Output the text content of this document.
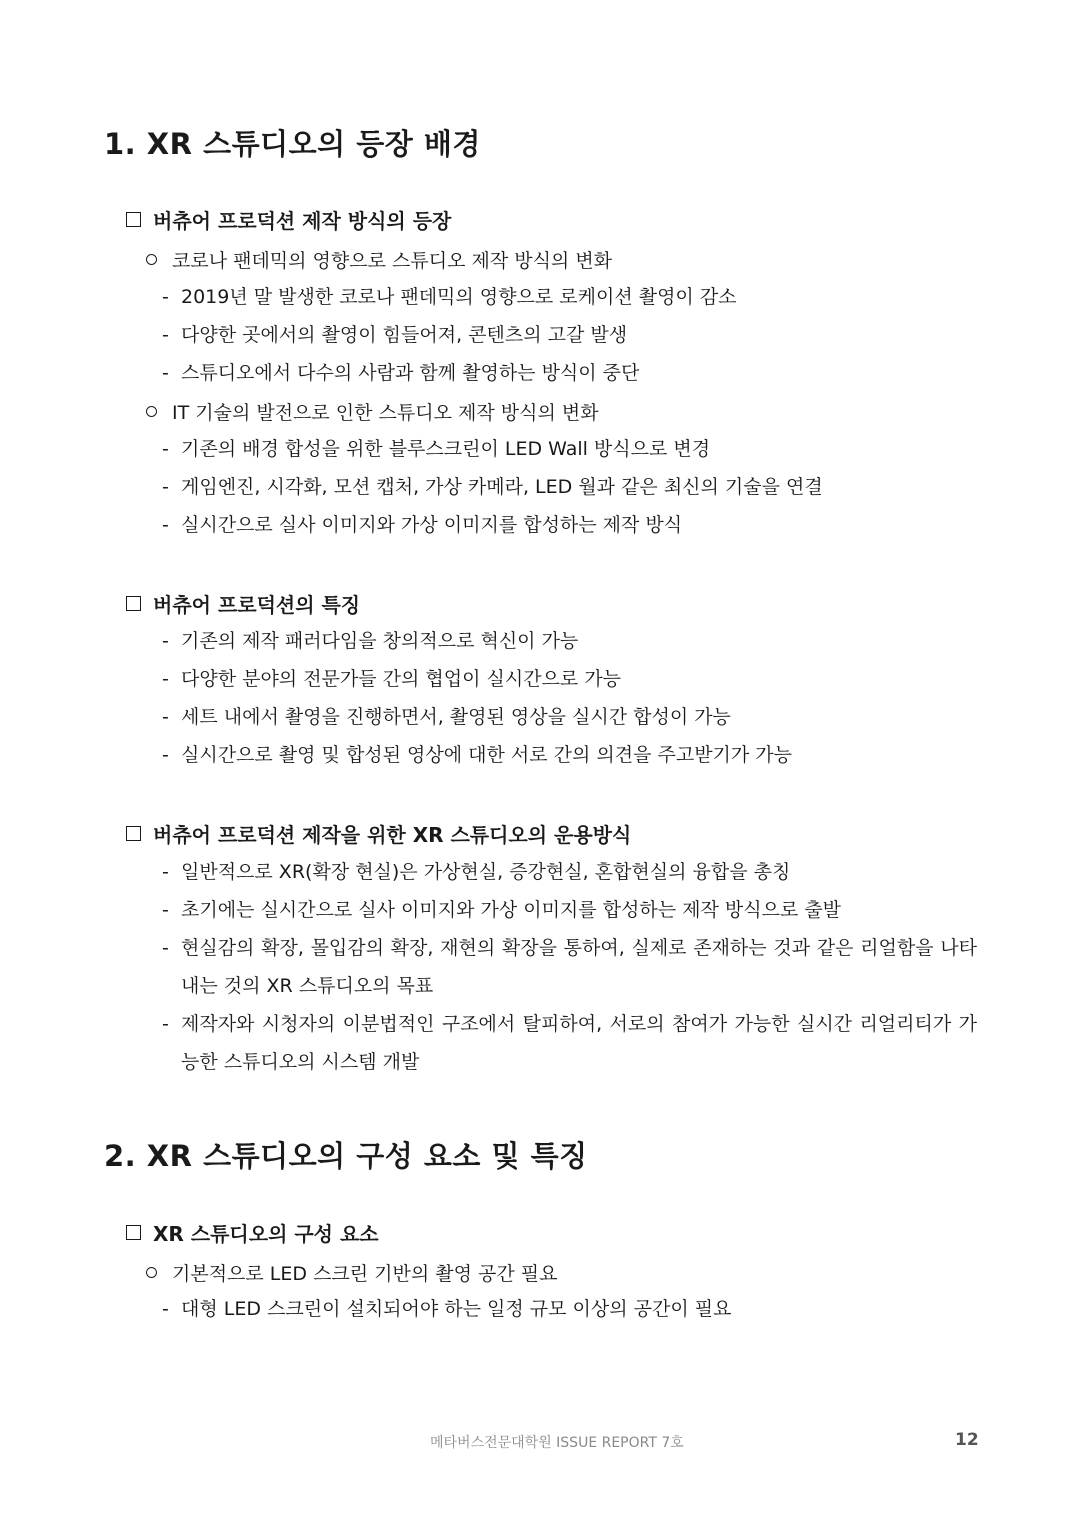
1. XR 스튜디오의 등장 배경
버츄어 프로덕션 제작 방식의 등장
코로나 팬데믹의 영향으로 스튜디오 제작 방식의 변화
- 2019년 말 발생한 코로나 팬데믹의 영향으로 로케이션 촬영이 감소
- 다양한 곳에서의 촬영이 힘들어져, 콘텐츠의 고갈 발생
- 스튜디오에서 다수의 사람과 함께 촬영하는 방식이 중단
IT 기술의 발전으로 인한 스튜디오 제작 방식의 변화
- 기존의 배경 합성을 위한 블루스크린이 LED Wall 방식으로 변경
- 게임엔진, 시각화, 모션 캡처, 가상 카메라, LED 월과 같은 최신의 기술을 연결
- 실시간으로 실사 이미지와 가상 이미지를 합성하는 제작 방식
버츄어 프로덕션의 특징
- 기존의 제작 패러다임을 창의적으로 혁신이 가능
- 다양한 분야의 전문가들 간의 협업이 실시간으로 가능
- 세트 내에서 촬영을 진행하면서, 촬영된 영상을 실시간 합성이 가능
- 실시간으로 촬영 및 합성된 영상에 대한 서로 간의 의견을 주고받기가 가능
버츄어 프로덕션 제작을 위한 XR 스튜디오의 운용방식
- 일반적으로 XR(확장 현실)은 가상현실, 증강현실, 혼합현실의 융합을 총칭
- 초기에는 실시간으로 실사 이미지와 가상 이미지를 합성하는 제작 방식으로 출발
- 현실감의 확장, 몰입감의 확장, 재현의 확장을 통하여, 실제로 존재하는 것과 같은 리얼함을 나타내는 것의 XR 스튜디오의 목표
- 제작자와 시청자의 이분법적인 구조에서 탈피하여, 서로의 참여가 가능한 실시간 리얼리티가 가능한 스튜디오의 시스템 개발
2. XR 스튜디오의 구성 요소 및 특징
XR 스튜디오의 구성 요소
기본적으로 LED 스크린 기반의 촬영 공간 필요
- 대형 LED 스크린이 설치되어야 하는 일정 규모 이상의 공간이 필요
메타버스전문대학원 ISSUE REPORT 7호	12
